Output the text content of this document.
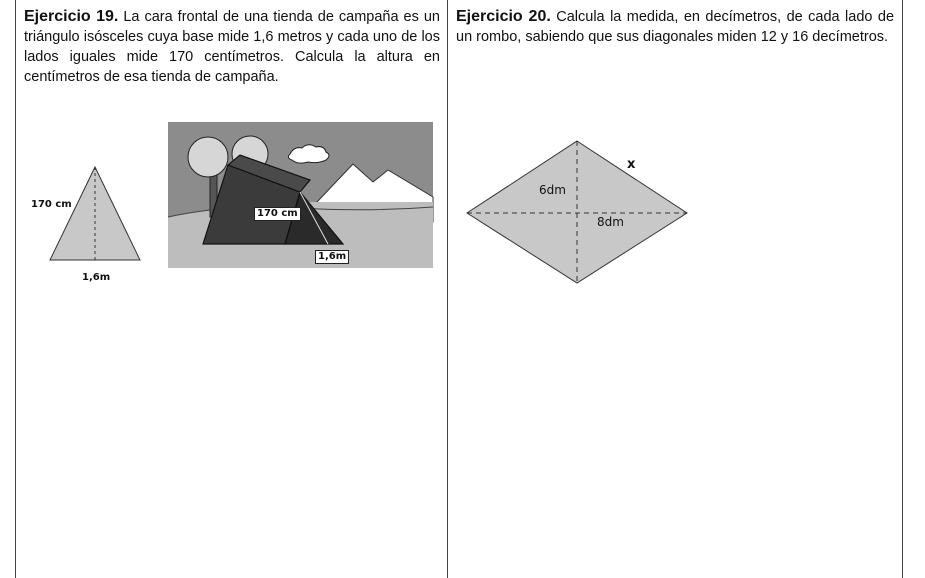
Ejercicio 19. La cara frontal de una tienda de campaña es un triángulo isósceles cuya base mide 1,6 metros y cada uno de los lados iguales mide 170 centímetros. Calcula la altura en centímetros de esa tienda de campaña.
Ejercicio 20. Calcula la medida, en decímetros, de cada lado de un rombo, sabiendo que sus diagonales miden 12 y 16 decímetros.
170 cm
1,6m
170 cm
1,6m
x
6dm
8dm
